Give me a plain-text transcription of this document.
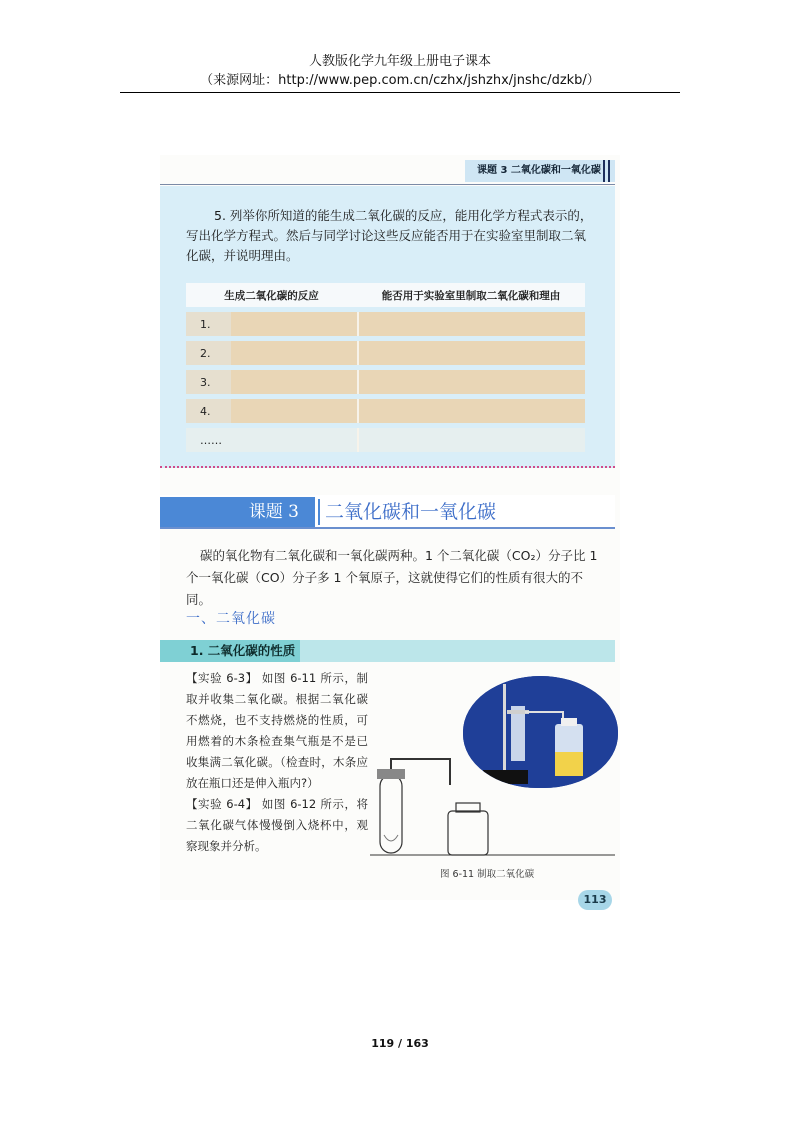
人教版化学九年级上册电子课本
（来源网址：http://www.pep.com.cn/czhx/jshzhx/jnshc/dzkb/）
课题 3 二氧化碳和一氧化碳
5. 列举你所知道的能生成二氧化碳的反应，能用化学方程式表示的，写出化学方程式。然后与同学讨论这些反应能否用于在实验室里制取二氧化碳，并说明理由。
生成二氧化碳的反应		能否用于实验室里制取二氧化碳和理由
1.		
2.		
3.		
4.		
……		
课题 3	二氧化碳和一氧化碳
碳的氧化物有二氧化碳和一氧化碳两种。1 个二氧化碳（CO₂）分子比 1 个一氧化碳（CO）分子多 1 个氧原子，这就使得它们的性质有很大的不同。
一、二氧化碳
1. 二氧化碳的性质

【实验 6-3】 如图 6-11 所示，制取并收集二氧化碳。根据二氧化碳不燃烧，也不支持燃烧的性质，可用燃着的木条检查集气瓶是不是已收集满二氧化碳。（检查时，木条应放在瓶口还是伸入瓶内?）

【实验 6-4】 如图 6-12 所示，将二氧化碳气体慢慢倒入烧杯中，观察现象并分析。

图 6-11 制取二氧化碳
113
119 / 163
